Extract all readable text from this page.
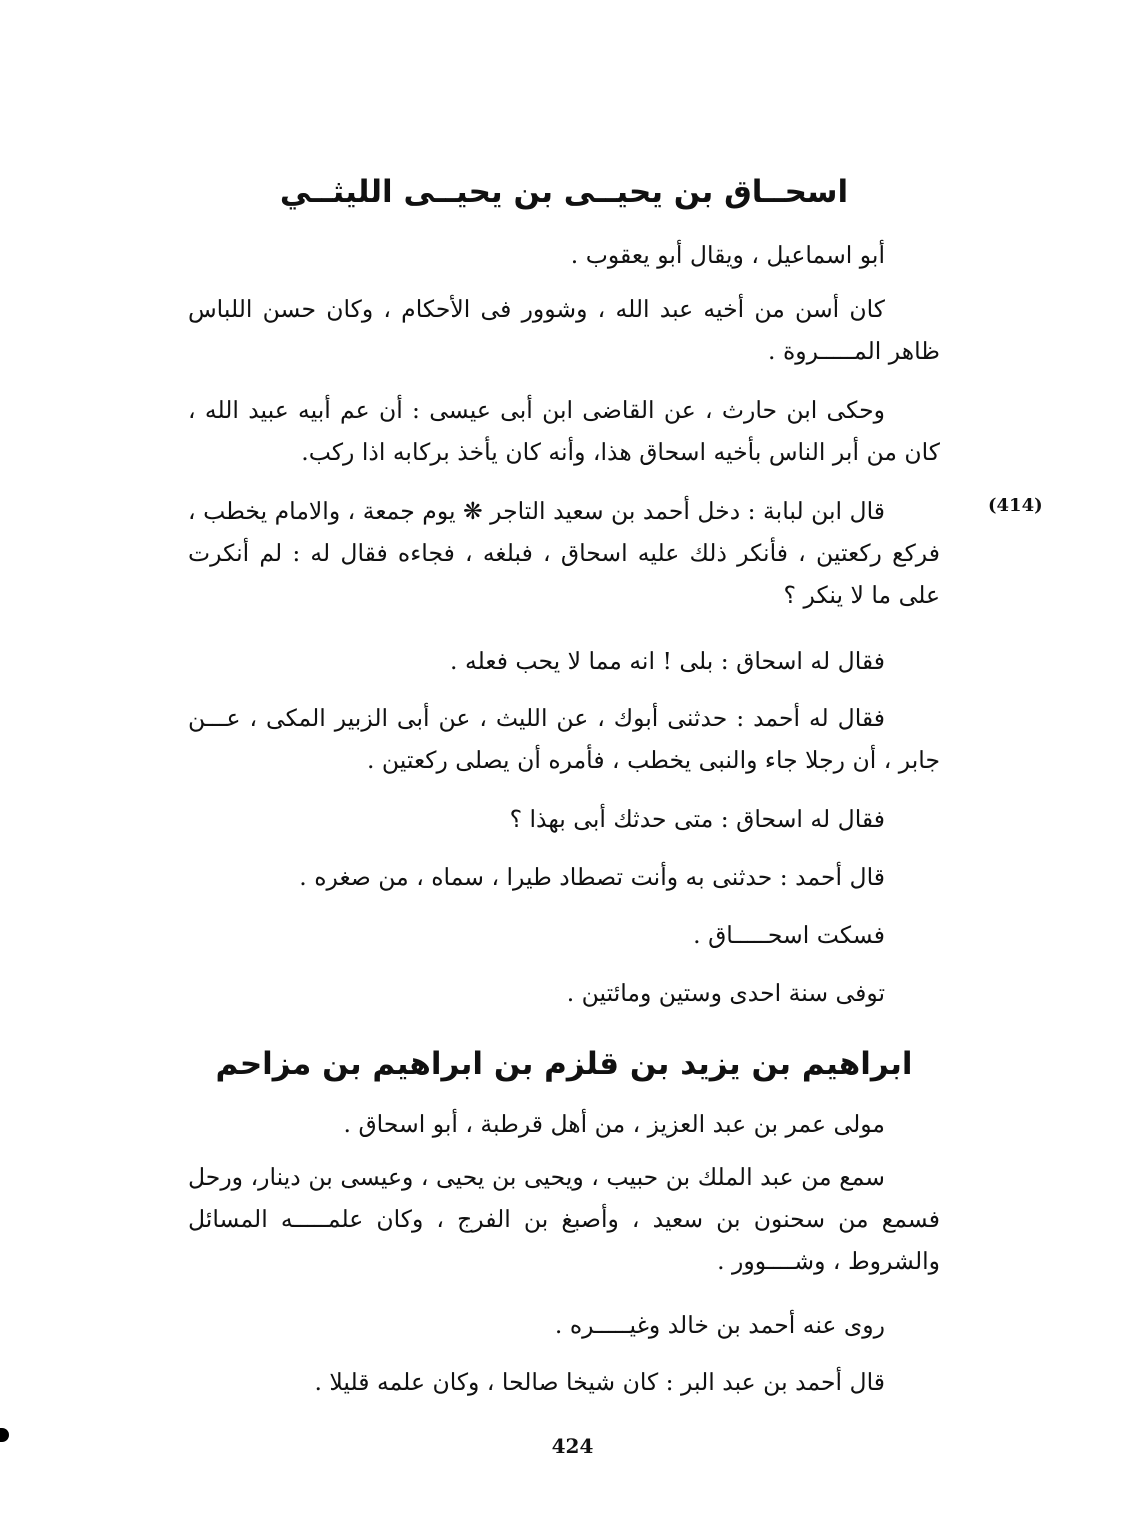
(414)
اسحــاق بن يحيــى بن يحيــى الليثــي

أبو اسماعيل ، ويقال أبو يعقوب .

كان أسن من أخيه عبد الله ، وشوور فى الأحكام ، وكان حسن اللباس ظاهر المـــــروة .

وحكى ابن حارث ، عن القاضى ابن أبى عيسى : أن عم أبيه عبيد الله ، كان من أبر الناس بأخيه اسحاق هذا، وأنه كان يأخذ بركابه اذا ركب.

قال ابن لبابة : دخل أحمد بن سعيد التاجر ❋ يوم جمعة ، والامام يخطب ، فركع ركعتين ، فأنكر ذلك عليه اسحاق ، فبلغه ، فجاءه فقال له : لم أنكرت على ما لا ينكر ؟

فقال له اسحاق : بلى ! انه مما لا يحب فعله .

فقال له أحمد : حدثنى أبوك ، عن الليث ، عن أبى الزبير المكى ، عـــن جابر ، أن رجلا جاء والنبى يخطب ، فأمره أن يصلى ركعتين .

فقال له اسحاق : متى حدثك أبى بهذا ؟

قال أحمد : حدثنى به وأنت تصطاد طيرا ، سماه ، من صغره .

فسكت اسحـــــاق .

توفى سنة احدى وستين ومائتين .

ابراهيم بن يزيد بن قلزم بن ابراهيم بن مزاحم

مولى عمر بن عبد العزيز ، من أهل قرطبة ، أبو اسحاق .

سمع من عبد الملك بن حبيب ، ويحيى بن يحيى ، وعيسى بن دينار، ورحل فسمع من سحنون بن سعيد ، وأصبغ بن الفرج ، وكان علمـــــه المسائل والشروط ، وشــــوور .

روى عنه أحمد بن خالد وغيـــــره .

قال أحمد بن عبد البر : كان شيخا صالحا ، وكان علمه قليلا .

424
